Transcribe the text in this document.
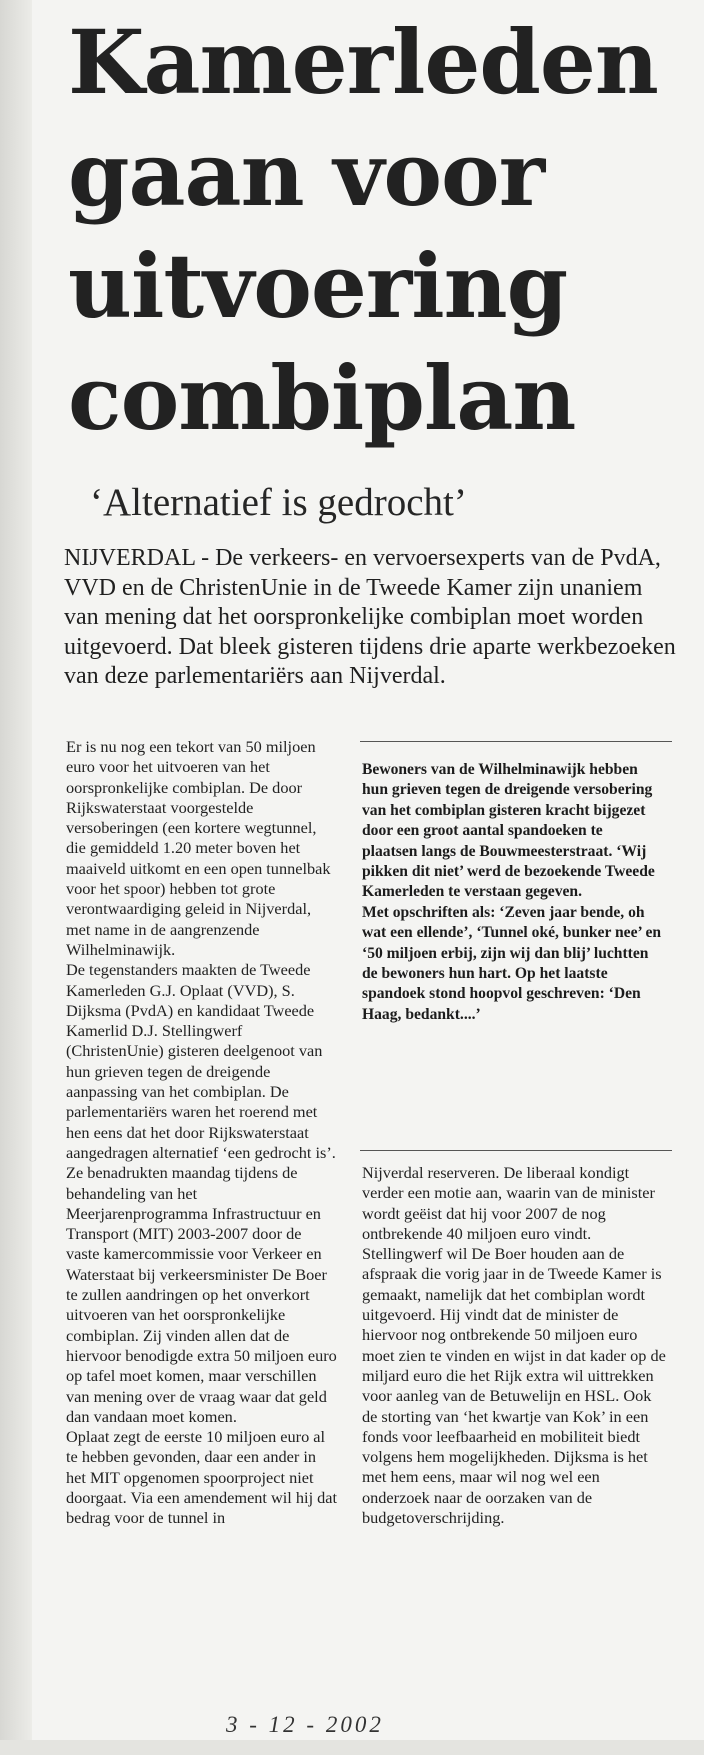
Kamerleden
gaan voor
uitvoering
combiplan
‘Alternatief is gedrocht’

NIJVERDAL - De verkeers- en vervoersexperts van de PvdA, VVD en de ChristenUnie in de Tweede Kamer zijn unaniem van mening dat het oorspronkelijke combiplan moet worden uitgevoerd. Dat bleek gisteren tijdens drie aparte werkbezoeken van deze parlementariërs aan Nijverdal.

Er is nu nog een tekort van 50 miljoen euro voor het uitvoeren van het oorspronkelijke combiplan. De door Rijkswaterstaat voorgestelde versoberingen (een kortere wegtunnel, die gemiddeld 1.20 meter boven het maaiveld uitkomt en een open tunnelbak voor het spoor) hebben tot grote verontwaardiging geleid in Nijverdal, met name in de aangrenzende Wilhelminawijk.

De tegenstanders maakten de Tweede Kamerleden G.J. Oplaat (VVD), S. Dijksma (PvdA) en kandidaat Tweede Kamerlid D.J. Stellingwerf (ChristenUnie) gisteren deelgenoot van hun grieven tegen de dreigende aanpassing van het combiplan. De parlementariërs waren het roerend met hen eens dat het door Rijkswaterstaat aangedragen alternatief ‘een gedrocht is’.

Ze benadrukten maandag tijdens de behandeling van het Meerjarenprogramma Infrastructuur en Transport (MIT) 2003-2007 door de vaste kamercommissie voor Verkeer en Waterstaat bij verkeersminister De Boer te zullen aandringen op het onverkort uitvoeren van het oorspronkelijke combiplan. Zij vinden allen dat de hiervoor benodigde extra 50 miljoen euro op tafel moet komen, maar verschillen van mening over de vraag waar dat geld dan vandaan moet komen.

Oplaat zegt de eerste 10 miljoen euro al te hebben gevonden, daar een ander in het MIT opgenomen spoorproject niet doorgaat. Via een amendement wil hij dat bedrag voor de tunnel in

Bewoners van de Wilhelminawijk hebben hun grieven tegen de dreigende versobering van het combiplan gisteren kracht bijgezet door een groot aantal spandoeken te plaatsen langs de Bouwmeesterstraat. ‘Wij pikken dit niet’ werd de bezoekende Tweede Kamerleden te verstaan gegeven.

Met opschriften als: ‘Zeven jaar bende, oh wat een ellende’, ‘Tunnel oké, bunker nee’ en ‘50 miljoen erbij, zijn wij dan blij’ luchtten de bewoners hun hart. Op het laatste spandoek stond hoopvol geschreven: ‘Den Haag, bedankt....’

Nijverdal reserveren. De liberaal kondigt verder een motie aan, waarin van de minister wordt geëist dat hij voor 2007 de nog ontbrekende 40 miljoen euro vindt.

Stellingwerf wil De Boer houden aan de afspraak die vorig jaar in de Tweede Kamer is gemaakt, namelijk dat het combiplan wordt uitgevoerd. Hij vindt dat de minister de hiervoor nog ontbrekende 50 miljoen euro moet zien te vinden en wijst in dat kader op de miljard euro die het Rijk extra wil uittrekken voor aanleg van de Betuwelijn en HSL. Ook de storting van ‘het kwartje van Kok’ in een fonds voor leefbaarheid en mobiliteit biedt volgens hem mogelijkheden. Dijksma is het met hem eens, maar wil nog wel een onderzoek naar de oorzaken van de budgetoverschrijding.

3 - 12 - 2002
